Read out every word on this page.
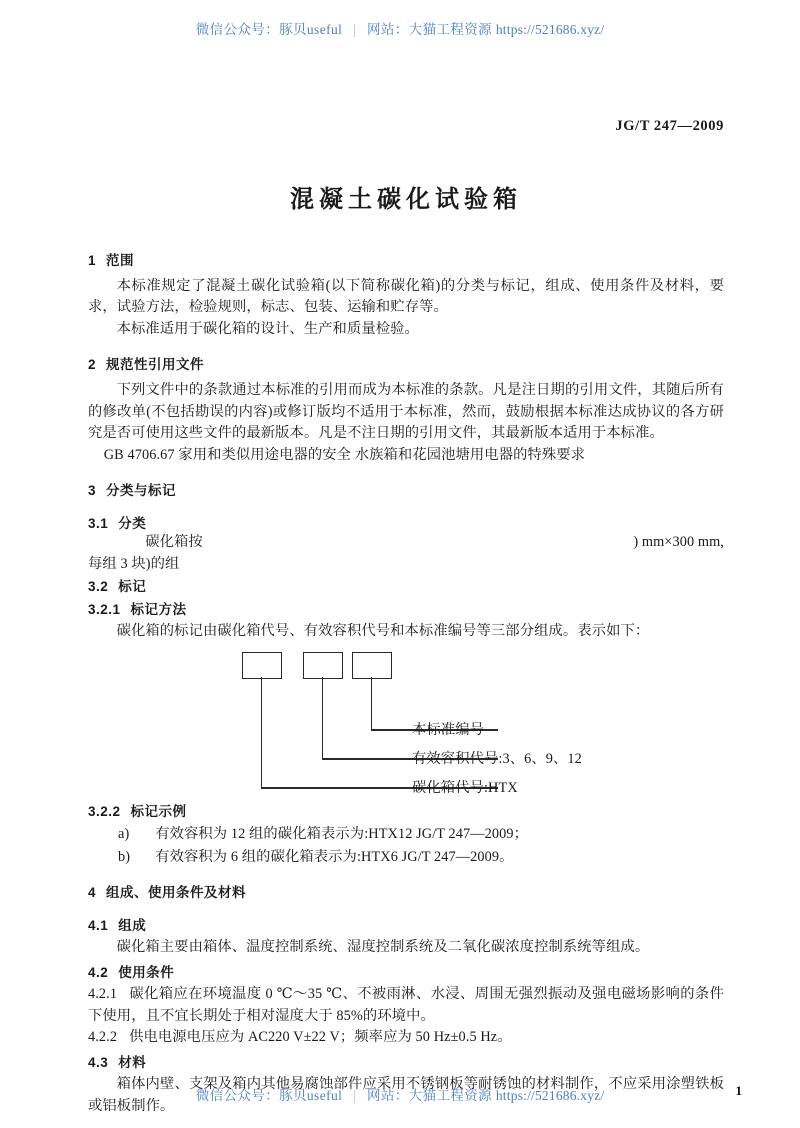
微信公众号：豚贝useful | 网站：大猫工程资源 https://521686.xyz/
JG/T 247—2009
混凝土碳化试验箱
1 范围

本标准规定了混凝土碳化试验箱(以下简称碳化箱)的分类与标记，组成、使用条件及材料，要求，试验方法，检验规则，标志、包装、运输和贮存等。

本标准适用于碳化箱的设计、生产和质量检验。

2 规范性引用文件

下列文件中的条款通过本标准的引用而成为本标准的条款。凡是注日期的引用文件，其随后所有的修改单(不包括勘误的内容)或修订版均不适用于本标准，然而，鼓励根据本标准达成协议的各方研究是否可使用这些文件的最新版本。凡是不注日期的引用文件，其最新版本适用于本标准。

GB 4706.67 家用和类似用途电器的安全 水族箱和花园池塘用电器的特殊要求

3 分类与标记
3.1 分类
碳化箱按	) mm×300 mm,
每组 3 块)的组
3.2 标记
3.2.1 标记方法

碳化箱的标记由碳化箱代号、有效容积代号和本标准编号等三部分组成。表示如下：

本标准编号
有效容积代号:3、6、9、12
碳化箱代号:HTX
3.2.2 标记示例

a) 有效容积为 12 组的碳化箱表示为:HTX12 JG/T 247—2009；

b) 有效容积为 6 组的碳化箱表示为:HTX6 JG/T 247—2009。

4 组成、使用条件及材料
4.1 组成

碳化箱主要由箱体、温度控制系统、湿度控制系统及二氧化碳浓度控制系统等组成。

4.2 使用条件

4.2.1 碳化箱应在环境温度 0 ℃～35 ℃、不被雨淋、水浸、周围无强烈振动及强电磁场影响的条件下使用，且不宜长期处于相对湿度大于 85%的环境中。

4.2.2 供电电源电压应为 AC220 V±22 V；频率应为 50 Hz±0.5 Hz。

4.3 材料

箱体内壁、支架及箱内其他易腐蚀部件应采用不锈钢板等耐锈蚀的材料制作，不应采用涂塑铁板或铝板制作。

微信公众号：豚贝useful | 网站：大猫工程资源 https://521686.xyz/	1
